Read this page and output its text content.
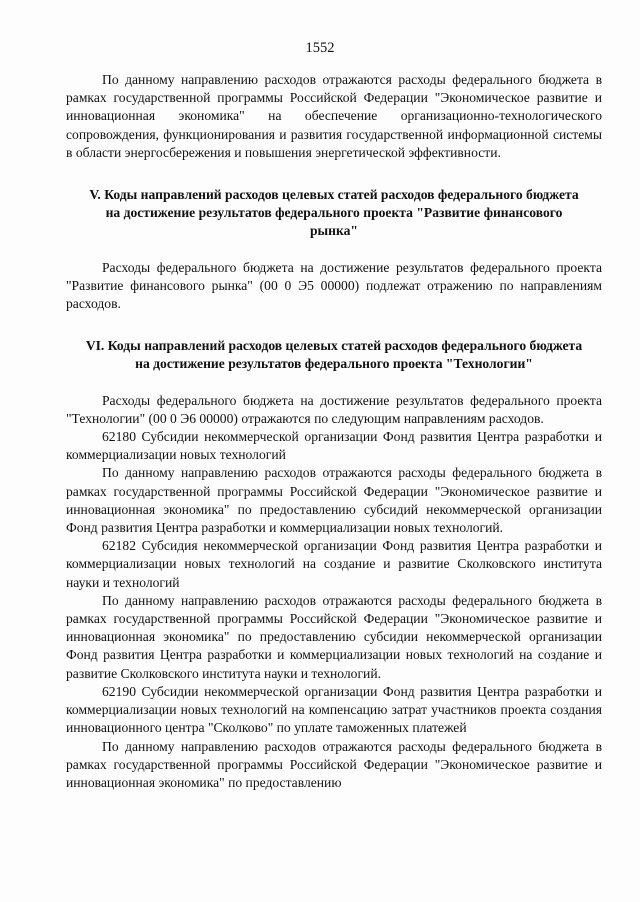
1552

По данному направлению расходов отражаются расходы федерального бюджета в рамках государственной программы Российской Федерации "Экономическое развитие и инновационная экономика" на обеспечение организационно-технологического сопровождения, функционирования и развития государственной информационной системы в области энергосбережения и повышения энергетической эффективности.

V. Коды направлений расходов целевых статей расходов федерального бюджета на достижение результатов федерального проекта "Развитие финансового рынка"

Расходы федерального бюджета на достижение результатов федерального проекта "Развитие финансового рынка" (00 0 Э5 00000) подлежат отражению по направлениям расходов.

VI. Коды направлений расходов целевых статей расходов федерального бюджета на достижение результатов федерального проекта "Технологии"

Расходы федерального бюджета на достижение результатов федерального проекта "Технологии" (00 0 Э6 00000) отражаются по следующим направлениям расходов.

62180 Субсидии некоммерческой организации Фонд развития Центра разработки и коммерциализации новых технологий

По данному направлению расходов отражаются расходы федерального бюджета в рамках государственной программы Российской Федерации "Экономическое развитие и инновационная экономика" по предоставлению субсидий некоммерческой организации Фонд развития Центра разработки и коммерциализации новых технологий.

62182 Субсидия некоммерческой организации Фонд развития Центра разработки и коммерциализации новых технологий на создание и развитие Сколковского института науки и технологий

По данному направлению расходов отражаются расходы федерального бюджета в рамках государственной программы Российской Федерации "Экономическое развитие и инновационная экономика" по предоставлению субсидии некоммерческой организации Фонд развития Центра разработки и коммерциализации новых технологий на создание и развитие Сколковского института науки и технологий.

62190 Субсидии некоммерческой организации Фонд развития Центра разработки и коммерциализации новых технологий на компенсацию затрат участников проекта создания инновационного центра "Сколково" по уплате таможенных платежей

По данному направлению расходов отражаются расходы федерального бюджета в рамках государственной программы Российской Федерации "Экономическое развитие и инновационная экономика" по предоставлению
